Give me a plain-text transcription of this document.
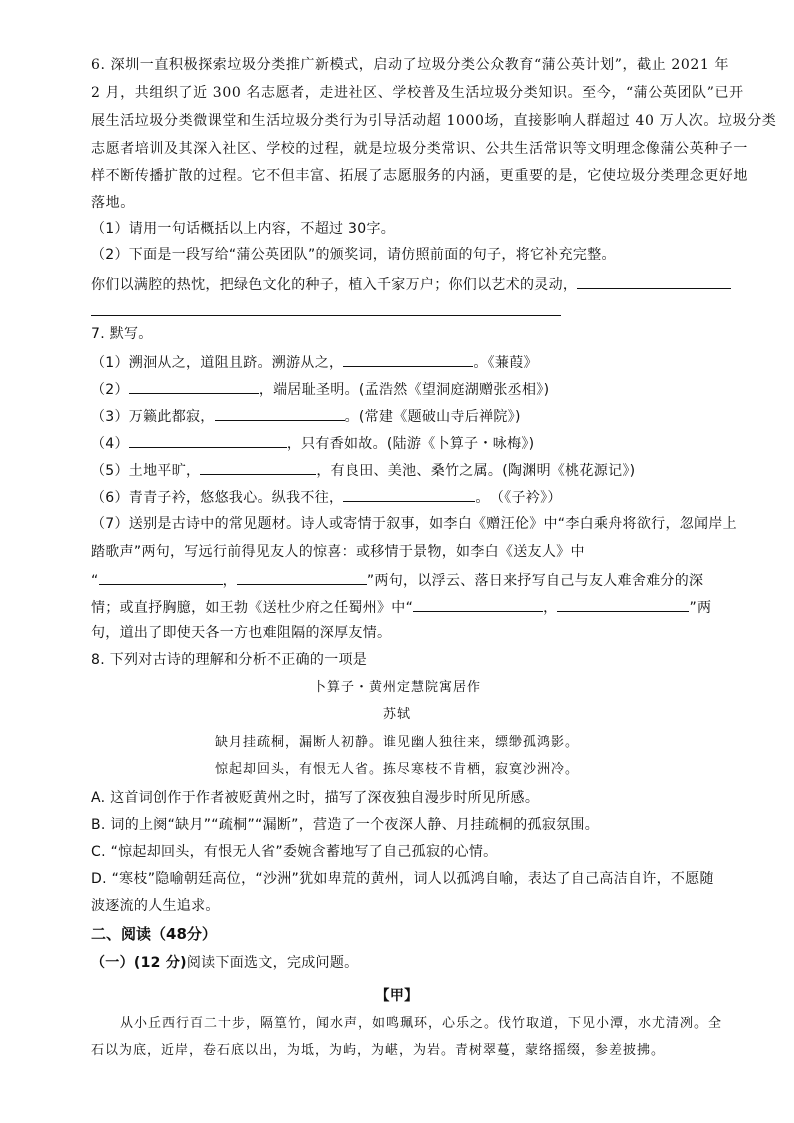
6. 深圳一直积极探索垃圾分类推广新模式，启动了垃圾分类公众教育“蒲公英计划”，截止 2021 年
2 月，共组织了近 300 名志愿者，走进社区、学校普及生活垃圾分类知识。至今，“蒲公英团队”已开
展生活垃圾分类微课堂和生活垃圾分类行为引导活动超 1000场，直接影响人群超过 40 万人次。垃圾分类
志愿者培训及其深入社区、学校的过程，就是垃圾分类常识、公共生活常识等文明理念像蒲公英种子一
样不断传播扩散的过程。它不但丰富、拓展了志愿服务的内涵，更重要的是，它使垃圾分类理念更好地
落地。
（1）请用一句话概括以上内容，不超过 30字。
（2）下面是一段写给“蒲公英团队”的颁奖词，请仿照前面的句子，将它补充完整。
你们以满腔的热忱，把绿色文化的种子，植入千家万户；你们以艺术的灵动，
7. 默写。
（1）溯洄从之，道阻且跻。溯游从之，	。《蒹葭》
（2）	，端居耻圣明。(孟浩然《望洞庭湖赠张丞相》)
（3）万籁此都寂，	。(常建《题破山寺后禅院》)
（4）	，只有香如故。(陆游《卜算子・咏梅》)
（5）土地平旷，	，有良田、美池、桑竹之属。(陶渊明《桃花源记》)
（6）青青子衿，悠悠我心。纵我不往，	。　（《子衿》）
（7）送别是古诗中的常见题材。诗人或寄情于叙事，如李白《赠汪伦》中“李白乘舟将欲行，忽闻岸上
踏歌声”两句，写远行前得见友人的惊喜：或移情于景物，如李白《送友人》中
“	，	”两句，以浮云、落日来抒写自己与友人难舍难分的深
情；或直抒胸臆，如王勃《送杜少府之任蜀州》中“	，	”两
句，道出了即使天各一方也难阻隔的深厚友情。
8. 下列对古诗的理解和分析不正确的一项是
卜算子・黄州定慧院寓居作
苏轼
缺月挂疏桐，漏断人初静。谁见幽人独往来，缥缈孤鸿影。
惊起却回头，有恨无人省。拣尽寒枝不肯栖，寂寞沙洲冷。
A. 这首词创作于作者被贬黄州之时，描写了深夜独自漫步时所见所感。
B. 词的上阕“缺月”“疏桐”“漏断”，营造了一个夜深人静、月挂疏桐的孤寂氛围。
C. “惊起却回头，有恨无人省”委婉含蓄地写了自己孤寂的心情。
D. “寒枝”隐喻朝廷高位，“沙洲”犹如卑荒的黄州，词人以孤鸿自喻，表达了自己高洁自许，不愿随
波逐流的人生追求。
二、阅读（48分）
（一）(12 分)阅读下面选文，完成问题。
【甲】
从小丘西行百二十步，隔篁竹，闻水声，如鸣珮环，心乐之。伐竹取道，下见小潭，水尤清冽。全
石以为底，近岸，卷石底以出，为坻，为屿，为嵁，为岩。青树翠蔓，蒙络摇缀，参差披拂。
